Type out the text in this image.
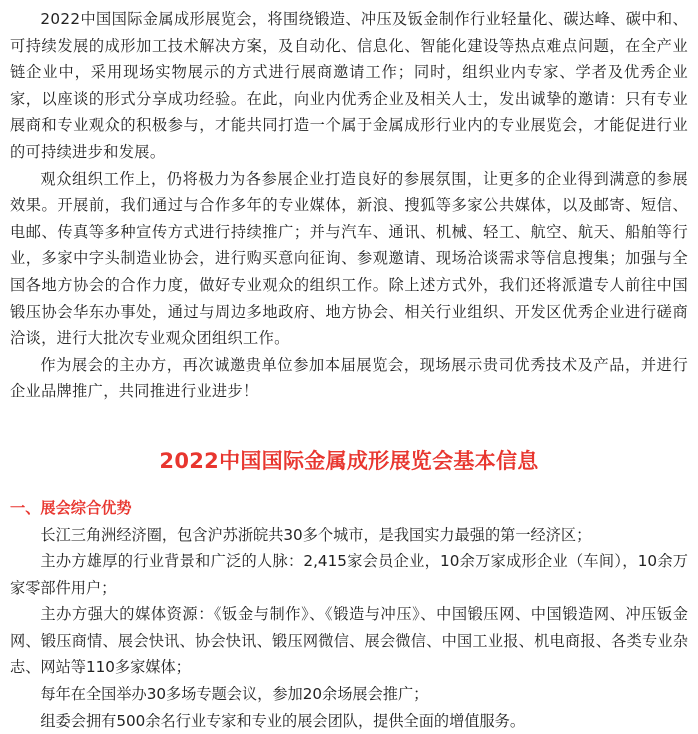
2022中国国际金属成形展览会，将围绕锻造、冲压及钣金制作行业轻量化、碳达峰、碳中和、可持续发展的成形加工技术解决方案，及自动化、信息化、智能化建设等热点难点问题，在全产业链企业中，采用现场实物展示的方式进行展商邀请工作；同时，组织业内专家、学者及优秀企业家，以座谈的形式分享成功经验。在此，向业内优秀企业及相关人士，发出诚挚的邀请：只有专业展商和专业观众的积极参与，才能共同打造一个属于金属成形行业内的专业展览会，才能促进行业的可持续进步和发展。

观众组织工作上，仍将极力为各参展企业打造良好的参展氛围，让更多的企业得到满意的参展效果。开展前，我们通过与合作多年的专业媒体，新浪、搜狐等多家公共媒体，以及邮寄、短信、电邮、传真等多种宣传方式进行持续推广；并与汽车、通讯、机械、轻工、航空、航天、船舶等行业，多家中字头制造业协会，进行购买意向征询、参观邀请、现场洽谈需求等信息搜集；加强与全国各地方协会的合作力度，做好专业观众的组织工作。除上述方式外，我们还将派遣专人前往中国锻压协会华东办事处，通过与周边多地政府、地方协会、相关行业组织、开发区优秀企业进行磋商洽谈，进行大批次专业观众团组织工作。

作为展会的主办方，再次诚邀贵单位参加本届展览会，现场展示贵司优秀技术及产品，并进行企业品牌推广，共同推进行业进步！

2022中国国际金属成形展览会基本信息
一、展会综合优势
长江三角洲经济圈，包含沪苏浙皖共30多个城市，是我国实力最强的第一经济区；
主办方雄厚的行业背景和广泛的人脉：2,415家会员企业，10余万家成形企业（车间），10余万家零部件用户；
主办方强大的媒体资源：《钣金与制作》、《锻造与冲压》、中国锻压网、中国锻造网、冲压钣金网、锻压商情、展会快讯、协会快讯、锻压网微信、展会微信、中国工业报、机电商报、各类专业杂志、网站等110多家媒体；
每年在全国举办30多场专题会议，参加20余场展会推广；
组委会拥有500余名行业专家和专业的展会团队，提供全面的增值服务。
